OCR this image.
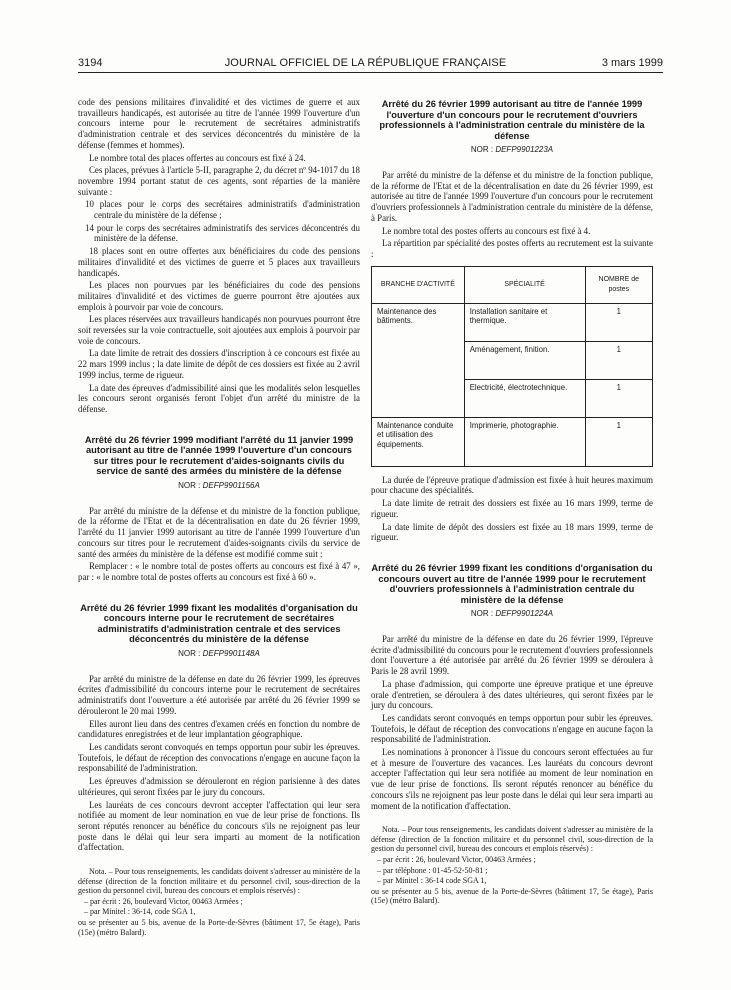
3194	JOURNAL OFFICIEL DE LA RÉPUBLIQUE FRANÇAISE	3 mars 1999

code des pensions militaires d'invalidité et des victimes de guerre et aux travailleurs handicapés, est autorisée au titre de l'année 1999 l'ouverture d'un concours interne pour le recrutement de secrétaires administratifs d'administration centrale et des services déconcentrés du ministère de la défense (femmes et hommes).

Le nombre total des places offertes au concours est fixé à 24.

Ces places, prévues à l'article 5-II, paragraphe 2, du décret nº 94-1017 du 18 novembre 1994 portant statut de ces agents, sont réparties de la manière suivante :

10 places pour le corps des secrétaires administratifs d'administration centrale du ministère de la défense ;

14 pour le corps des secrétaires administratifs des services déconcentrés du ministère de la défense.

18 places sont en outre offertes aux bénéficiaires du code des pensions militaires d'invalidité et des victimes de guerre et 5 places aux travailleurs handicapés.

Les places non pourvues par les bénéficiaires du code des pensions militaires d'invalidité et des victimes de guerre pourront être ajoutées aux emplois à pourvoir par voie de concours.

Les places réservées aux travailleurs handicapés non pourvues pourront être soit reversées sur la voie contractuelle, soit ajoutées aux emplois à pourvoir par voie de concours.

La date limite de retrait des dossiers d'inscription à ce concours est fixée au 22 mars 1999 inclus ; la date limite de dépôt de ces dossiers est fixée au 2 avril 1999 inclus, terme de rigueur.

La date des épreuves d'admissibilité ainsi que les modalités selon lesquelles les concours seront organisés feront l'objet d'un arrêté du ministre de la défense.

Arrêté du 26 février 1999 modifiant l'arrêté du 11 janvier 1999 autorisant au titre de l'année 1999 l'ouverture d'un concours sur titres pour le recrutement d'aides-soignants civils du service de santé des armées du ministère de la défense

NOR : DEFP9901156A

Par arrêté du ministre de la défense et du ministre de la fonction publique, de la réforme de l'Etat et de la décentralisation en date du 26 février 1999, l'arrêté du 11 janvier 1999 autorisant au titre de l'année 1999 l'ouverture d'un concours sur titres pour le recrutement d'aides-soignants civils du service de santé des armées du ministère de la défense est modifié comme suit :

Remplacer : « le nombre total de postes offerts au concours est fixé à 47 », par : « le nombre total de postes offerts au concours est fixé à 60 ».

Arrêté du 26 février 1999 fixant les modalités d'organisation du concours interne pour le recrutement de secrétaires administratifs d'administration centrale et des services déconcentrés du ministère de la défense

NOR : DEFP9901148A

Par arrêté du ministre de la défense en date du 26 février 1999, les épreuves écrites d'admissibilité du concours interne pour le recrutement de secrétaires administratifs dont l'ouverture a été autorisée par arrêté du 26 février 1999 se dérouleront le 20 mai 1999.

Elles auront lieu dans des centres d'examen créés en fonction du nombre de candidatures enregistrées et de leur implantation géographique.

Les candidats seront convoqués en temps opportun pour subir les épreuves. Toutefois, le défaut de réception des convocations n'engage en aucune façon la responsabilité de l'administration.

Les épreuves d'admission se dérouleront en région parisienne à des dates ultérieures, qui seront fixées par le jury du concours.

Les lauréats de ces concours devront accepter l'affectation qui leur sera notifiée au moment de leur nomination en vue de leur prise de fonctions. Ils seront réputés renoncer au bénéfice du concours s'ils ne rejoignent pas leur poste dans le délai qui leur sera imparti au moment de la notification d'affectation.

Nota. – Pour tous renseignements, les candidats doivent s'adresser au ministère de la défense (direction de la fonction militaire et du personnel civil, sous-direction de la gestion du personnel civil, bureau des concours et emplois réservés) :

– par écrit : 26, boulevard Victor, 00463 Armées ;

– par Minitel : 36-14, code SGA 1,

ou se présenter au 5 bis, avenue de la Porte-de-Sèvres (bâtiment 17, 5e étage), Paris (15e) (métro Balard).

Arrêté du 26 février 1999 autorisant au titre de l'année 1999 l'ouverture d'un concours pour le recrutement d'ouvriers professionnels à l'administration centrale du ministère de la défense

NOR : DEFP9901223A

Par arrêté du ministre de la défense et du ministre de la fonction publique, de la réforme de l'Etat et de la décentralisation en date du 26 février 1999, est autorisée au titre de l'année 1999 l'ouverture d'un concours pour le recrutement d'ouvriers professionnels à l'administration centrale du ministère de la défense, à Paris.

Le nombre total des postes offerts au concours est fixé à 4.

La répartition par spécialité des postes offerts au recrutement est la suivante :

BRANCHE D'ACTIVITÉ	SPÉCIALITÉ	NOMBRE de postes
Maintenance des bâtiments.	Installation sanitaire et thermique.	1
	Aménagement, finition.	1
	Electricité, électrotechnique.	1
Maintenance conduite et utilisation des équipements.	Imprimerie, photographie.	1

La durée de l'épreuve pratique d'admission est fixée à huit heures maximum pour chacune des spécialités.

La date limite de retrait des dossiers est fixée au 16 mars 1999, terme de rigueur.

La date limite de dépôt des dossiers est fixée au 18 mars 1999, terme de rigueur.

Arrêté du 26 février 1999 fixant les conditions d'organisation du concours ouvert au titre de l'année 1999 pour le recrutement d'ouvriers professionnels à l'administration centrale du ministère de la défense

NOR : DEFP9901224A

Par arrêté du ministre de la défense en date du 26 février 1999, l'épreuve écrite d'admissibilité du concours pour le recrutement d'ouvriers professionnels dont l'ouverture a été autorisée par arrêté du 26 février 1999 se déroulera à Paris le 28 avril 1999.

La phase d'admission, qui comporte une épreuve pratique et une épreuve orale d'entretien, se déroulera à des dates ultérieures, qui seront fixées par le jury du concours.

Les candidats seront convoqués en temps opportun pour subir les épreuves. Toutefois, le défaut de réception des convocations n'engage en aucune façon la responsabilité de l'administration.

Les nominations à prononcer à l'issue du concours seront effectuées au fur et à mesure de l'ouverture des vacances. Les lauréats du concours devront accepter l'affectation qui leur sera notifiée au moment de leur nomination en vue de leur prise de fonctions. Ils seront réputés renoncer au bénéfice du concours s'ils ne rejoignent pas leur poste dans le délai qui leur sera imparti au moment de la notification d'affectation.

Nota. – Pour tous renseignements, les candidats doivent s'adresser au ministère de la défense (direction de la fonction militaire et du personnel civil, sous-direction de la gestion du personnel civil, bureau des concours et emplois réservés) :

– par écrit : 26, boulevard Victor, 00463 Armées ;

– par téléphone : 01-45-52-50-81 ;

– par Minitel : 36-14 code SGA 1,

ou se présenter au 5 bis, avenue de la Porte-de-Sèvres (bâtiment 17, 5e étage), Paris (15e) (métro Balard).
